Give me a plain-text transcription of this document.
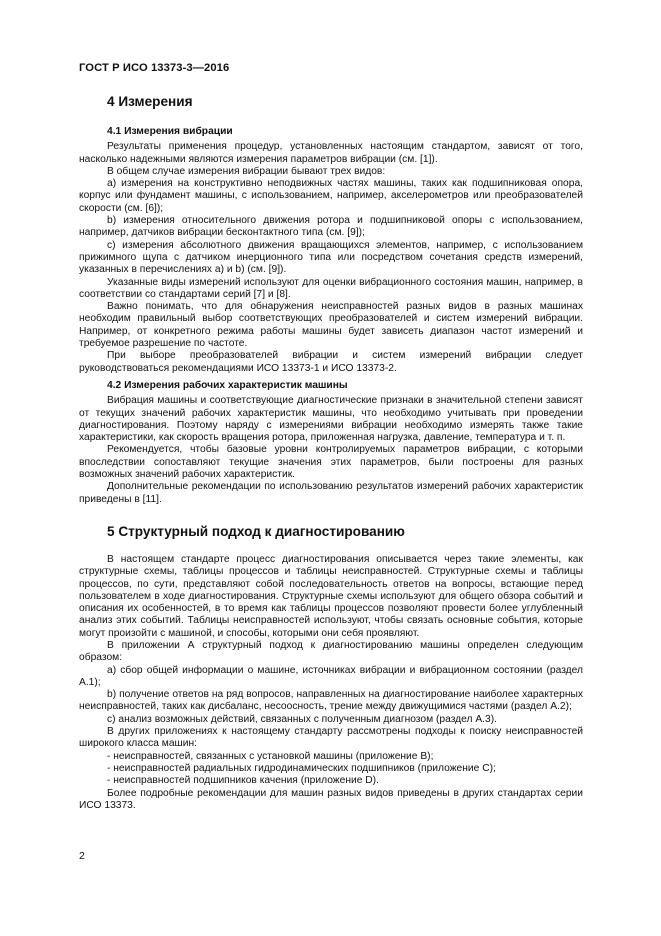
ГОСТ Р ИСО 13373-3—2016
4 Измерения
4.1 Измерения вибрации

Результаты применения процедур, установленных настоящим стандартом, зависят от того, насколько надежными являются измерения параметров вибрации (см. [1]).

В общем случае измерения вибрации бывают трех видов:

а) измерения на конструктивно неподвижных частях машины, таких как подшипниковая опора, корпус или фундамент машины, с использованием, например, акселерометров или преобразователей скорости (см. [6]);

b) измерения относительного движения ротора и подшипниковой опоры с использованием, например, датчиков вибрации бесконтактного типа (см. [9]);

с) измерения абсолютного движения вращающихся элементов, например, с использованием прижимного щупа с датчиком инерционного типа или посредством сочетания средств измерений, указанных в перечислениях а) и b) (см. [9]).

Указанные виды измерений используют для оценки вибрационного состояния машин, например, в соответствии со стандартами серий [7] и [8].

Важно понимать, что для обнаружения неисправностей разных видов в разных машинах необходим правильный выбор соответствующих преобразователей и систем измерений вибрации. Например, от конкретного режима работы машины будет зависеть диапазон частот измерений и требуемое разрешение по частоте.

При выборе преобразователей вибрации и систем измерений вибрации следует руководствоваться рекомендациями ИСО 13373-1 и ИСО 13373-2.

4.2 Измерения рабочих характеристик машины

Вибрация машины и соответствующие диагностические признаки в значительной степени зависят от текущих значений рабочих характеристик машины, что необходимо учитывать при проведении диагностирования. Поэтому наряду с измерениями вибрации необходимо измерять также такие характеристики, как скорость вращения ротора, приложенная нагрузка, давление, температура и т. п.

Рекомендуется, чтобы базовые уровни контролируемых параметров вибрации, с которыми впоследствии сопоставляют текущие значения этих параметров, были построены для разных возможных значений рабочих характеристик.

Дополнительные рекомендации по использованию результатов измерений рабочих характеристик приведены в [11].

5 Структурный подход к диагностированию

В настоящем стандарте процесс диагностирования описывается через такие элементы, как структурные схемы, таблицы процессов и таблицы неисправностей. Структурные схемы и таблицы процессов, по сути, представляют собой последовательность ответов на вопросы, встающие перед пользователем в ходе диагностирования. Структурные схемы используют для общего обзора событий и описания их особенностей, в то время как таблицы процессов позволяют провести более углубленный анализ этих событий. Таблицы неисправностей используют, чтобы связать основные события, которые могут произойти с машиной, и способы, которыми они себя проявляют.

В приложении А структурный подход к диагностированию машины определен следующим образом:

а) сбор общей информации о машине, источниках вибрации и вибрационном состоянии (раздел А.1);

b) получение ответов на ряд вопросов, направленных на диагностирование наиболее характерных неисправностей, таких как дисбаланс, несоосность, трение между движущимися частями (раздел А.2);

с) анализ возможных действий, связанных с полученным диагнозом (раздел А.3).

В других приложениях к настоящему стандарту рассмотрены подходы к поиску неисправностей широкого класса машин:

- неисправностей, связанных с установкой машины (приложение В);

- неисправностей радиальных гидродинамических подшипников (приложение С);

- неисправностей подшипников качения (приложение D).

Более подробные рекомендации для машин разных видов приведены в других стандартах серии ИСО 13373.

2
